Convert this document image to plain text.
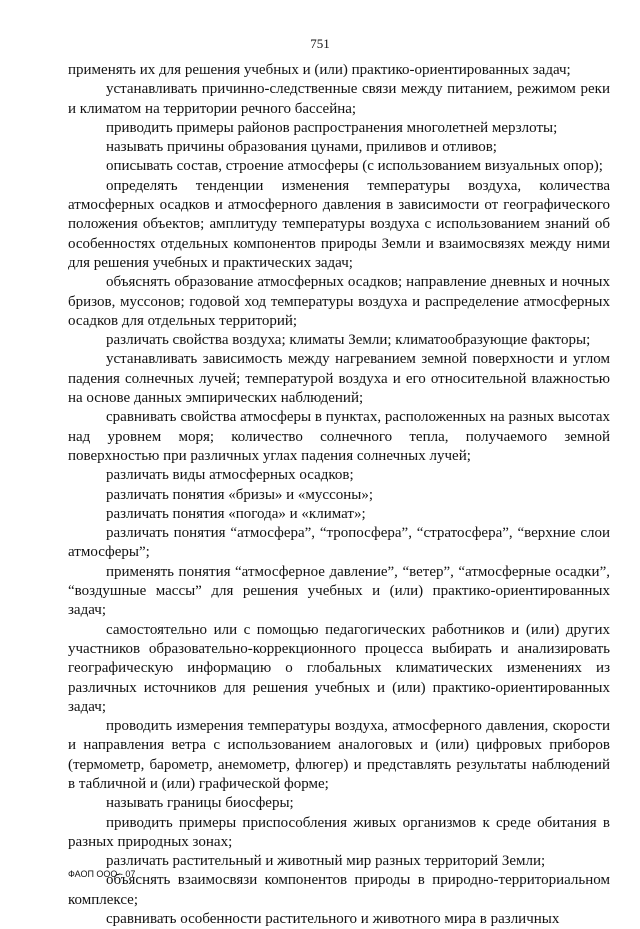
751

применять их для решения учебных и (или) практико-ориентированных задач;

устанавливать причинно-следственные связи между питанием, режимом реки и климатом на территории речного бассейна;

приводить примеры районов распространения многолетней мерзлоты;

называть причины образования цунами, приливов и отливов;

описывать состав, строение атмосферы (с использованием визуальных опор);

определять тенденции изменения температуры воздуха, количества атмосферных осадков и атмосферного давления в зависимости от географического положения объектов; амплитуду температуры воздуха с использованием знаний об особенностях отдельных компонентов природы Земли и взаимосвязях между ними для решения учебных и практических задач;

объяснять образование атмосферных осадков; направление дневных и ночных бризов, муссонов; годовой ход температуры воздуха и распределение атмосферных осадков для отдельных территорий;

различать свойства воздуха; климаты Земли; климатообразующие факторы;

устанавливать зависимость между нагреванием земной поверхности и углом падения солнечных лучей; температурой воздуха и его относительной влажностью на основе данных эмпирических наблюдений;

сравнивать свойства атмосферы в пунктах, расположенных на разных высотах над уровнем моря; количество солнечного тепла, получаемого земной поверхностью при различных углах падения солнечных лучей;

различать виды атмосферных осадков;

различать понятия «бризы» и «муссоны»;

различать понятия «погода» и «климат»;

различать понятия “атмосфера”, “тропосфера”, “стратосфера”, “верхние слои атмосферы”;

применять понятия “атмосферное давление”, “ветер”, “атмосферные осадки”, “воздушные массы” для решения учебных и (или) практико-ориентированных задач;

самостоятельно или с помощью педагогических работников и (или) других участников образовательно-коррекционного процесса выбирать и анализировать географическую информацию о глобальных климатических изменениях из различных источников для решения учебных и (или) практико-ориентированных задач;

проводить измерения температуры воздуха, атмосферного давления, скорости и направления ветра с использованием аналоговых и (или) цифровых приборов (термометр, барометр, анемометр, флюгер) и представлять результаты наблюдений в табличной и (или) графической форме;

называть границы биосферы;

приводить примеры приспособления живых организмов к среде обитания в разных природных зонах;

различать растительный и животный мир разных территорий Земли;

объяснять взаимосвязи компонентов природы в природно-территориальном комплексе;

сравнивать особенности растительного и животного мира в различных

ФАОП ООО - 07
